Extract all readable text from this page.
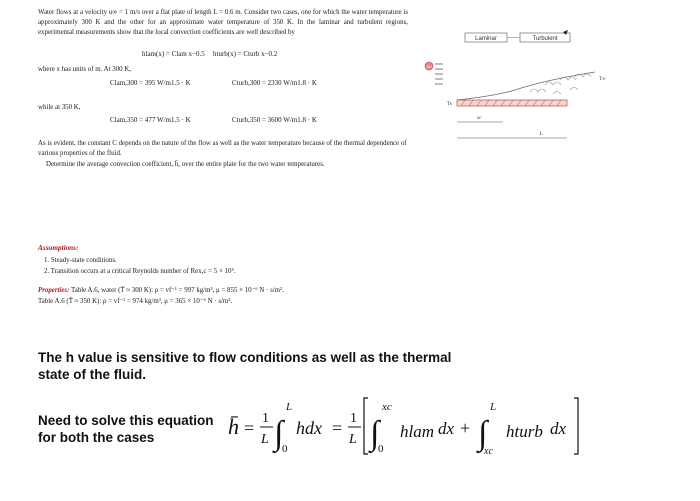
Water flows at a velocity u∞ = 1 m/s over a flat plate of length L = 0.6 m. Consider two cases, one for which the water temperature is approximately 300 K and the other for an approximate water temperature of 350 K. In the laminar and turbulent regions, experimental measurements show that the local convection coefficients are well described by
hlam(x) = Clam x−0.5 hturb(x) = Cturb x−0.2
where x has units of m. At 300 K,
Clam,300 = 395 W/m1.5 · K	Cturb,300 = 2330 W/m1.8 · K
while at 350 K,
Clam,350 = 477 W/m1.5 · K	Cturb,350 = 3600 W/m1.8 · K
As is evident, the constant C depends on the nature of the flow as well as the water temperature because of the thermal dependence of various properties of the fluid.
Determine the average convection coefficient, h̄, over the entire plate for the two water temperatures.
Laminar	Turbulent
u∞
T∞
Ts
xc
L
Assumptions:
1. Steady-state conditions.
2. Transition occurs at a critical Reynolds number of Rex,c = 5 × 10⁵.
Properties: Table A.6, water (T̄ ≈ 300 K): ρ = vf⁻¹ = 997 kg/m³, μ = 855 × 10⁻⁶ N · s/m².
Table A.6 (T̄ ≈ 350 K): ρ = vf⁻¹ = 974 kg/m³, μ = 365 × 10⁻⁶ N · s/m².
The h value is sensitive to flow conditions as well as the thermal state of the fluid.
Need to solve this equation for both the cases	h̄ = 1
L ∫
L
0
hdx = 1
L ∫
xc
0
hlam dx + ∫
L
xc
hturb dx
